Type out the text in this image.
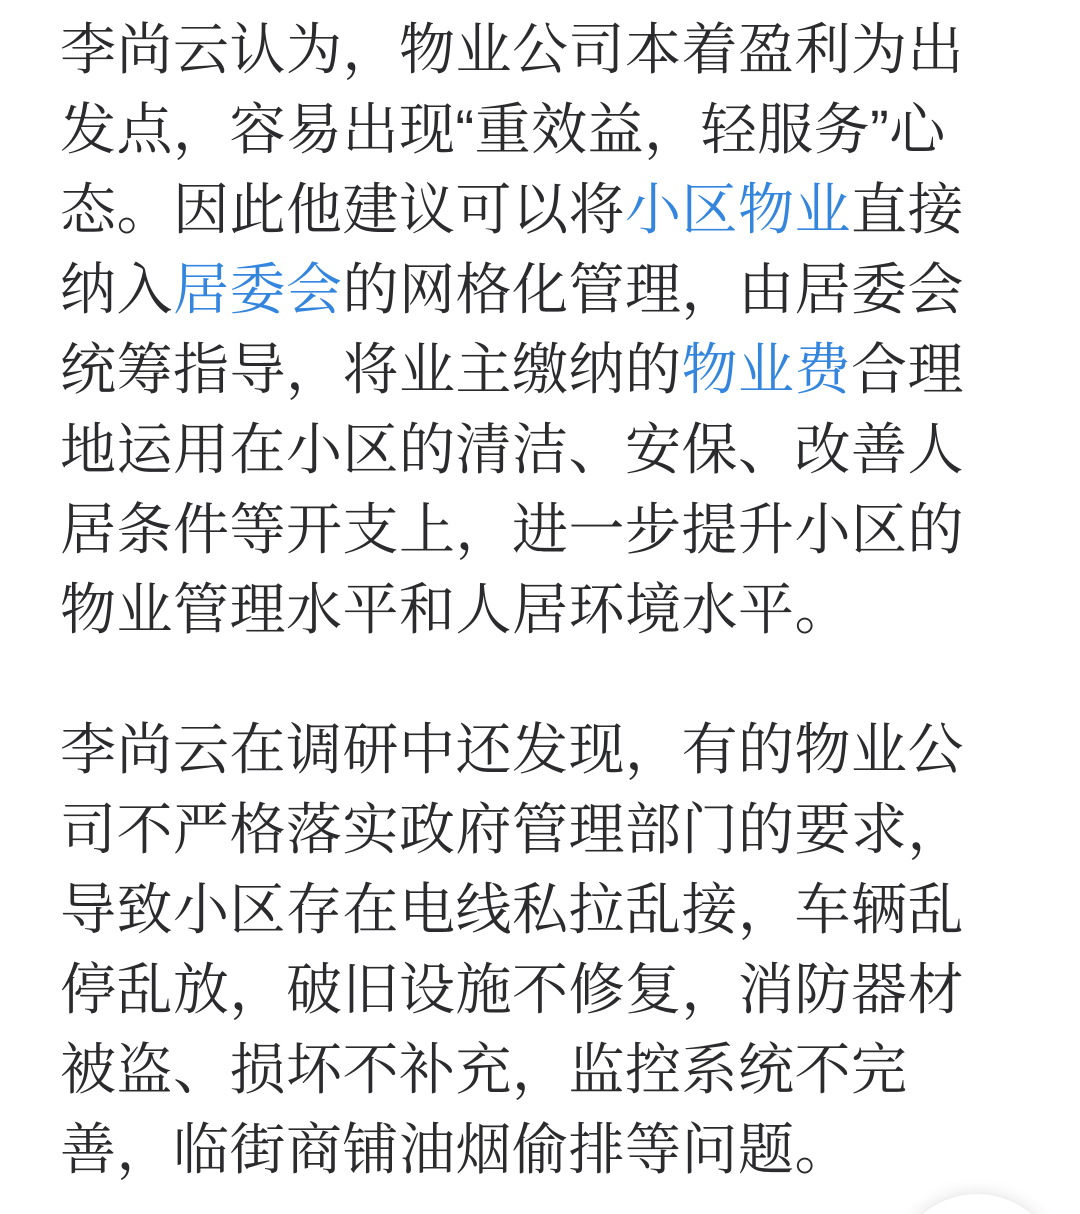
李尚云认为，物业公司本着盈利为出发点，容易出现“重效益，轻服务”心态。因此他建议可以将小区物业直接纳入居委会的网格化管理，由居委会统筹指导，将业主缴纳的物业费合理地运用在小区的清洁、安保、改善人居条件等开支上，进一步提升小区的物业管理水平和人居环境水平。

李尚云在调研中还发现，有的物业公司不严格落实政府管理部门的要求，导致小区存在电线私拉乱接，车辆乱停乱放，破旧设施不修复，消防器材被盗、损坏不补充，监控系统不完善，临街商铺油烟偷排等问题。
